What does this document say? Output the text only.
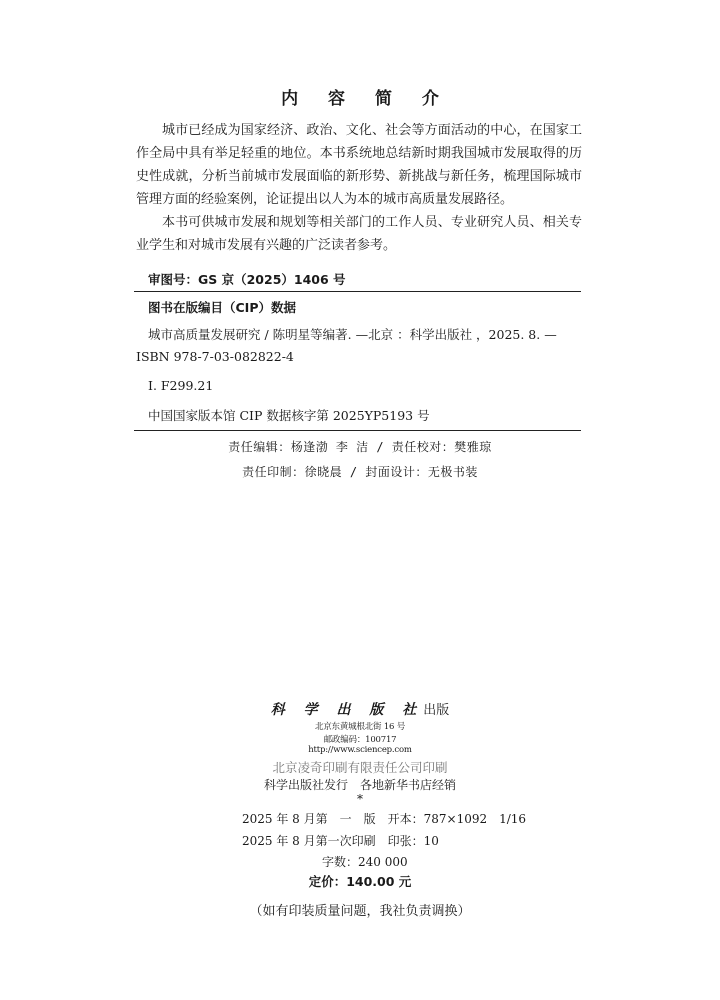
内 容 简 介

城市已经成为国家经济、政治、文化、社会等方面活动的中心，在国家工作全局中具有举足轻重的地位。本书系统地总结新时期我国城市发展取得的历史性成就，分析当前城市发展面临的新形势、新挑战与新任务，梳理国际城市管理方面的经验案例，论证提出以人为本的城市高质量发展路径。

本书可供城市发展和规划等相关部门的工作人员、专业研究人员、相关专业学生和对城市发展有兴趣的广泛读者参考。

审图号：GS 京（2025）1406 号
图书在版编目（CIP）数据
城市高质量发展研究 / 陈明星等编著. —北京 ：科学出版社 ，2025. 8. —
ISBN 978-7-03-082822-4
Ⅰ. F299.21
中国国家版本馆 CIP 数据核字第 2025YP5193 号
责任编辑：杨逢渤 李 洁 / 责任校对：樊雅琼
责任印制：徐晓晨 / 封面设计：无极书装
科 学 出 版 社出版
北京东黄城根北街 16 号
邮政编码：100717
http://www.sciencep.com
北京凌奇印刷有限责任公司印刷
科学出版社发行　各地新华书店经销
*
2025 年 8 月第　一　版　开本：787×1092　1/16
2025 年 8 月第一次印刷　印张：10
字数：240 000
定价：140.00 元
（如有印装质量问题，我社负责调换）
